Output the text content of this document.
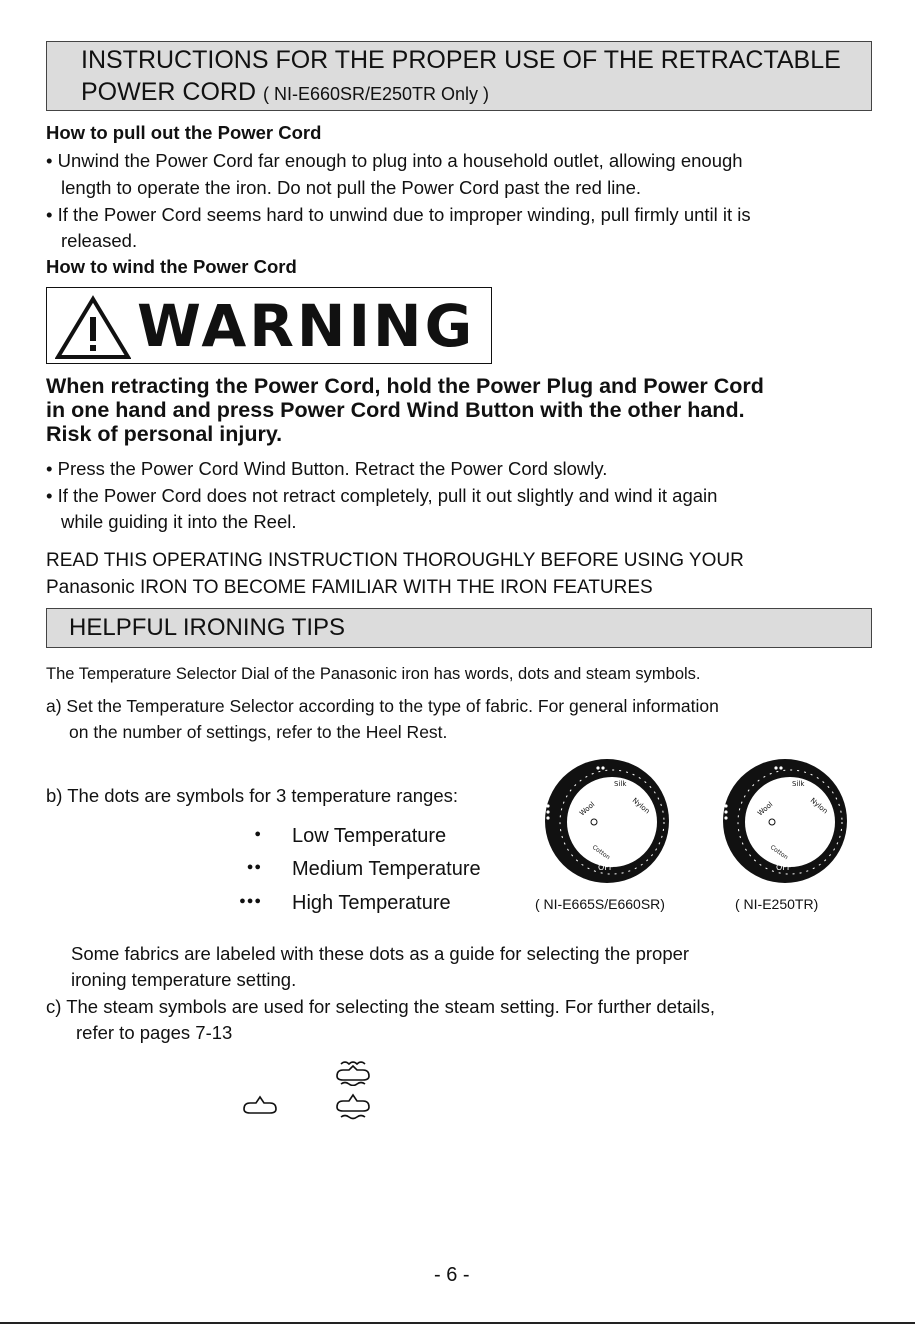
INSTRUCTIONS FOR THE PROPER USE OF THE RETRACTABLE
POWER CORD ( NI-E660SR/E250TR Only )
How to pull out the Power Cord
• Unwind the Power Cord far enough to plug into a household outlet, allowing enough
length to operate the iron. Do not pull the Power Cord past the red line.
• If the Power Cord seems hard to unwind due to improper winding, pull firmly until it is
released.
How to wind the Power Cord
WARNING
When retracting the Power Cord, hold the Power Plug and Power Cord
in one hand and press Power Cord Wind Button with the other hand.
Risk of personal injury.
• Press the Power Cord Wind Button. Retract the Power Cord slowly.
• If the Power Cord does not retract completely, pull it out slightly and wind it again
while guiding it into the Reel.
READ THIS OPERATING INSTRUCTION THOROUGHLY BEFORE USING YOUR
Panasonic IRON TO BECOME FAMILIAR WITH THE IRON FEATURES
HELPFUL IRONING TIPS
The Temperature Selector Dial of the Panasonic iron has words, dots and steam symbols.
a) Set the Temperature Selector according to the type of fabric. For general information
on the number of settings, refer to the Heel Rest.
b) The dots are symbols for 3 temperature ranges:
● Low Temperature
●● Medium Temperature
●●● High Temperature
Wool
Silk
Nylon
Cotton
OFF
( NI-E665S/E660SR)
Wool
Silk
Nylon
Cotton
OFF
( NI-E250TR)
Some fabrics are labeled with these dots as a guide for selecting the proper
ironing temperature setting.
c) The steam symbols are used for selecting the steam setting. For further details,
refer to pages 7-13
- 6 -
